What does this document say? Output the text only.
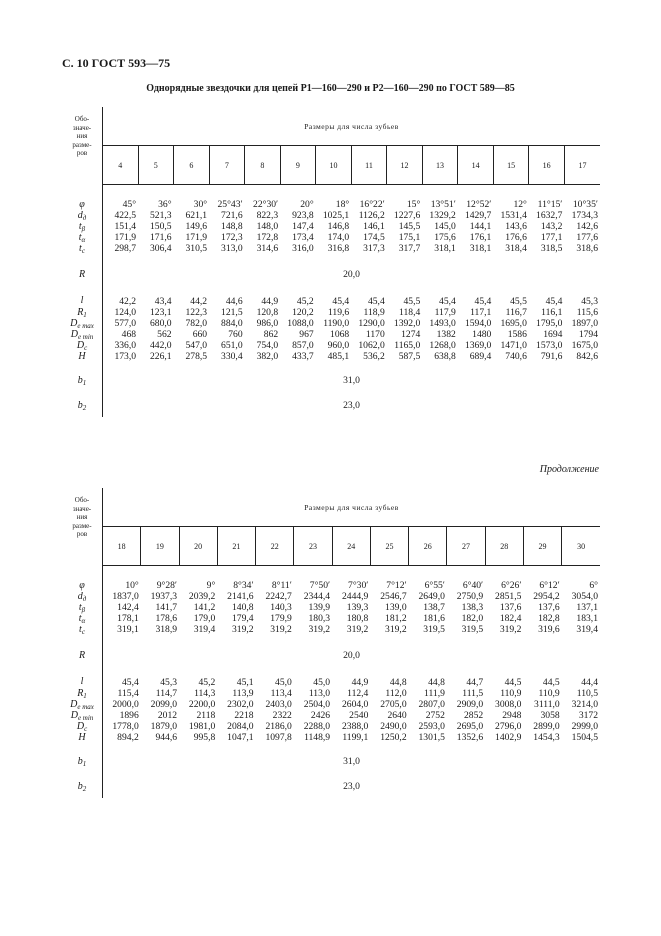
С. 10 ГОСТ 593—75
Однорядные звездочки для цепей Р1—160—290 и Р2—160—290 по ГОСТ 589—85
Обо-
значе-
ния
разме-
ров	Размеры для числа зубьев													
	4	5	6	7	8	9	10	11	12	13	14	15	16	17

φ	45°	36°	30°	25°43′	22°30′	20°	18°	16°22′	15°	13°51′	12°52′	12°	11°15′	10°35′
$d_д$	422,5	521,3	621,1	721,6	822,3	923,8	1025,1	1126,2	1227,6	1329,2	1429,7	1531,4	1632,7	1734,3
$t_\beta$	151,4	150,5	149,6	148,8	148,0	147,4	146,8	146,1	145,5	145,0	144,1	143,6	143,2	142,6
$t_\alpha$	171,9	171,6	171,9	172,3	172,8	173,4	174,0	174,5	175,1	175,6	176,1	176,6	177,1	177,6
$t_с$	298,7	306,4	310,5	313,0	314,6	316,0	316,8	317,3	317,7	318,1	318,1	318,4	318,5	318,6

R	20,0													

l	42,2	43,4	44,2	44,6	44,9	45,2	45,4	45,4	45,5	45,4	45,4	45,5	45,4	45,3
$R_1$	124,0	123,1	122,3	121,5	120,8	120,2	119,6	118,9	118,4	117,9	117,1	116,7	116,1	115,6
$D_{е max}$	577,0	680,0	782,0	884,0	986,0	1088,0	1190,0	1290,0	1392,0	1493,0	1594,0	1695,0	1795,0	1897,0
$D_{е min}$	468	562	660	760	862	967	1068	1170	1274	1382	1480	1586	1694	1794
$D_с$	336,0	442,0	547,0	651,0	754,0	857,0	960,0	1062,0	1165,0	1268,0	1369,0	1471,0	1573,0	1675,0
H	173,0	226,1	278,5	330,4	382,0	433,7	485,1	536,2	587,5	638,8	689,4	740,6	791,6	842,6

$b_1$	31,0													

$b_2$	23,0													

Продолжение
Обо-
значе-
ния
разме-
ров	Размеры для числа зубьев												
	18	19	20	21	22	23	24	25	26	27	28	29	30

φ	10°	9°28′	9°	8°34′	8°11′	7°50′	7°30′	7°12′	6°55′	6°40′	6°26′	6°12′	6°
$d_д$	1837,0	1937,3	2039,2	2141,6	2242,7	2344,4	2444,9	2546,7	2649,0	2750,9	2851,5	2954,2	3054,0
$t_\beta$	142,4	141,7	141,2	140,8	140,3	139,9	139,3	139,0	138,7	138,3	137,6	137,6	137,1
$t_\alpha$	178,1	178,6	179,0	179,4	179,9	180,3	180,8	181,2	181,6	182,0	182,4	182,8	183,1
$t_с$	319,1	318,9	319,4	319,2	319,2	319,2	319,2	319,2	319,5	319,5	319,2	319,6	319,4

R	20,0												

l	45,4	45,3	45,2	45,1	45,0	45,0	44,9	44,8	44,8	44,7	44,5	44,5	44,4
$R_1$	115,4	114,7	114,3	113,9	113,4	113,0	112,4	112,0	111,9	111,5	110,9	110,9	110,5
$D_{е max}$	2000,0	2099,0	2200,0	2302,0	2403,0	2504,0	2604,0	2705,0	2807,0	2909,0	3008,0	3111,0	3214,0
$D_{е min}$	1896	2012	2118	2218	2322	2426	2540	2640	2752	2852	2948	3058	3172
$D_с$	1778,0	1879,0	1981,0	2084,0	2186,0	2288,0	2388,0	2490,0	2593,0	2695,0	2796,0	2899,0	2999,0
H	894,2	944,6	995,8	1047,1	1097,8	1148,9	1199,1	1250,2	1301,5	1352,6	1402,9	1454,3	1504,5

$b_1$	31,0												

$b_2$	23,0												
